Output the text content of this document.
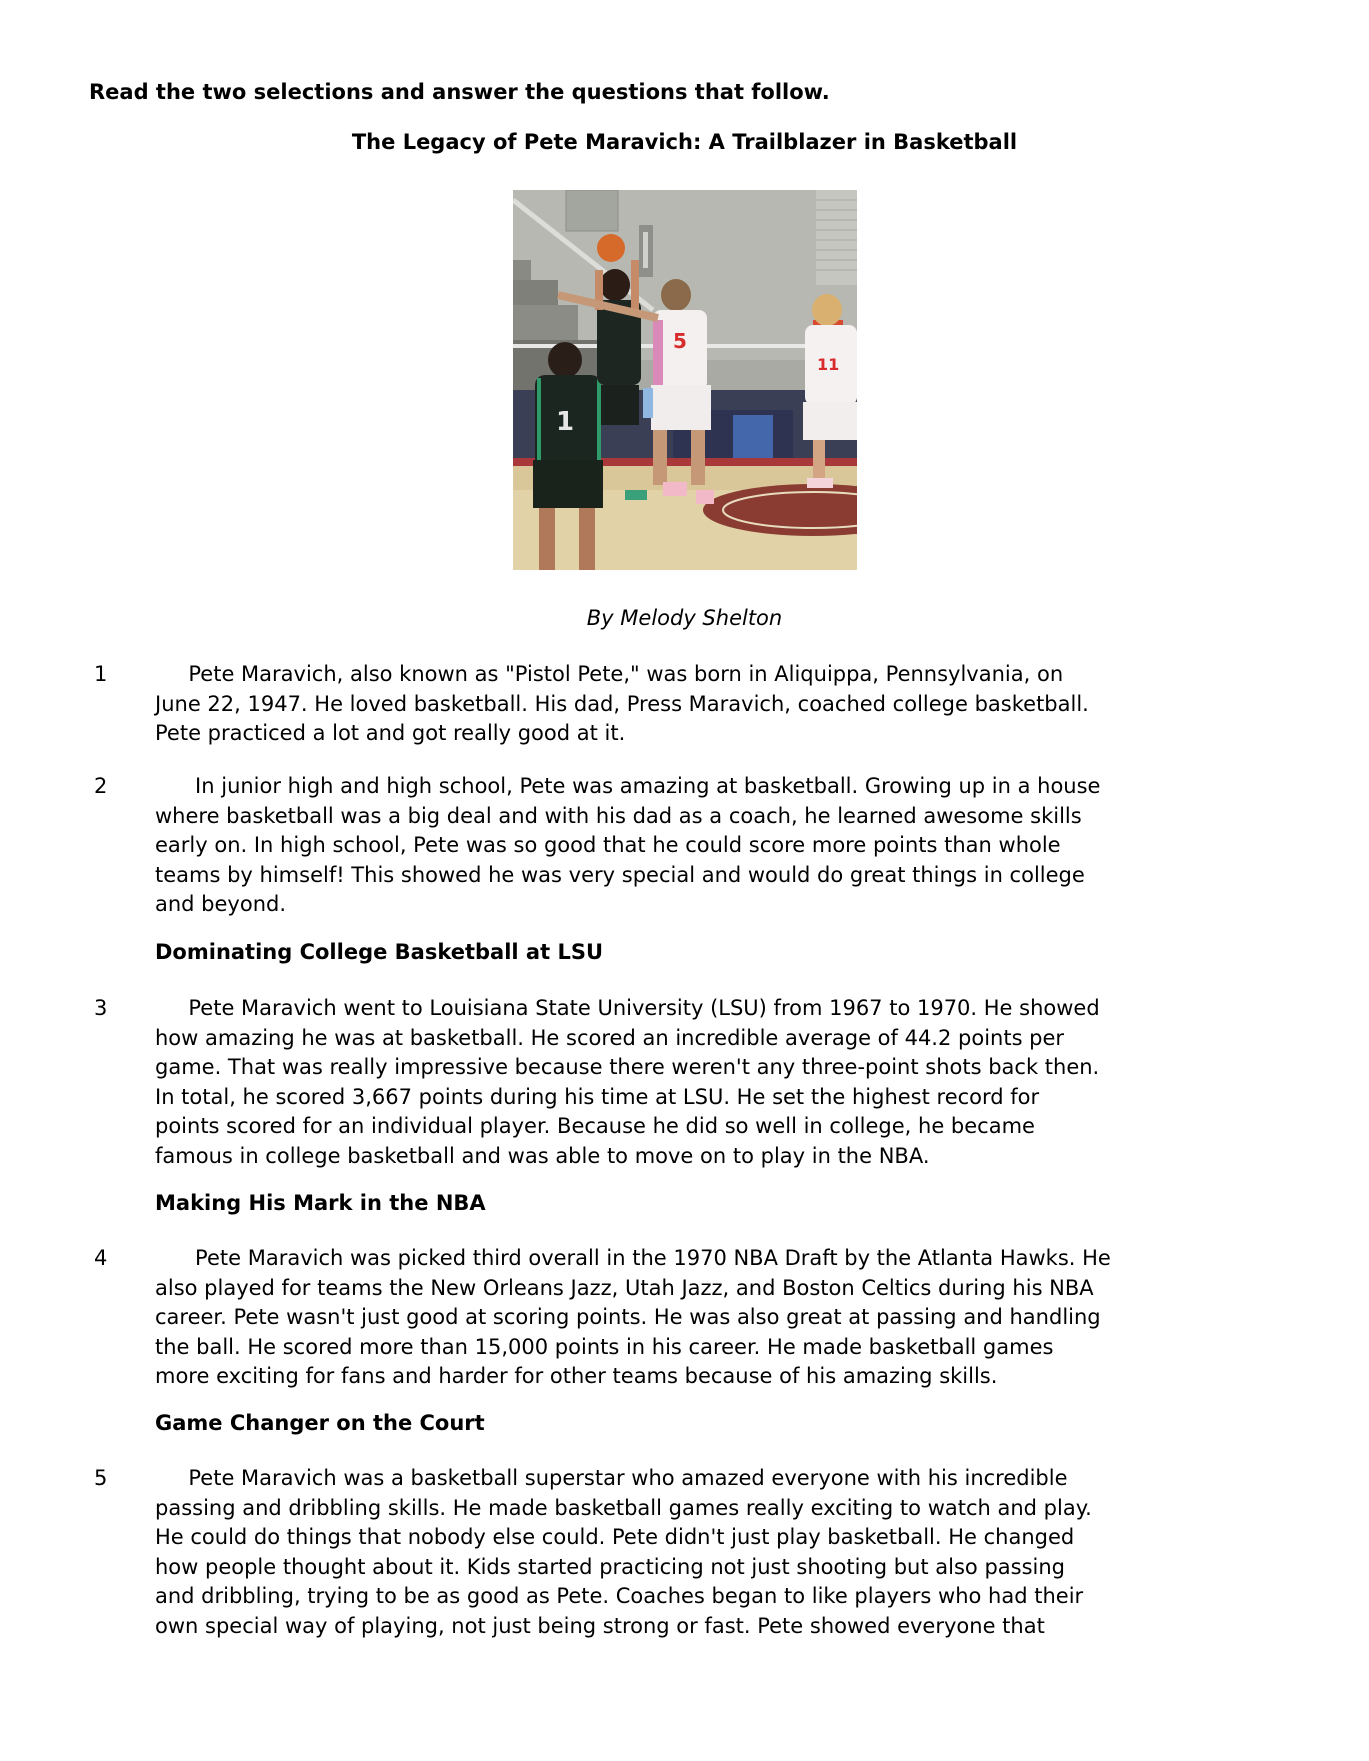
Read the two selections and answer the questions that follow.
The Legacy of Pete Maravich: A Trailblazer in Basketball
1
5
11
By Melody Shelton
1 Pete Maravich, also known as "Pistol Pete," was born in Aliquippa, Pennsylvania, on
June 22, 1947. He loved basketball. His dad, Press Maravich, coached college basketball.
Pete practiced a lot and got really good at it.
2 In junior high and high school, Pete was amazing at basketball. Growing up in a house
where basketball was a big deal and with his dad as a coach, he learned awesome skills
early on. In high school, Pete was so good that he could score more points than whole
teams by himself! This showed he was very special and would do great things in college
and beyond.
Dominating College Basketball at LSU
3 Pete Maravich went to Louisiana State University (LSU) from 1967 to 1970. He showed
how amazing he was at basketball. He scored an incredible average of 44.2 points per
game. That was really impressive because there weren't any three-point shots back then.
In total, he scored 3,667 points during his time at LSU. He set the highest record for
points scored for an individual player. Because he did so well in college, he became
famous in college basketball and was able to move on to play in the NBA.
Making His Mark in the NBA
4 Pete Maravich was picked third overall in the 1970 NBA Draft by the Atlanta Hawks. He
also played for teams the New Orleans Jazz, Utah Jazz, and Boston Celtics during his NBA
career. Pete wasn't just good at scoring points. He was also great at passing and handling
the ball. He scored more than 15,000 points in his career. He made basketball games
more exciting for fans and harder for other teams because of his amazing skills.
Game Changer on the Court
5 Pete Maravich was a basketball superstar who amazed everyone with his incredible
passing and dribbling skills. He made basketball games really exciting to watch and play.
He could do things that nobody else could. Pete didn't just play basketball. He changed
how people thought about it. Kids started practicing not just shooting but also passing
and dribbling, trying to be as good as Pete. Coaches began to like players who had their
own special way of playing, not just being strong or fast. Pete showed everyone that
